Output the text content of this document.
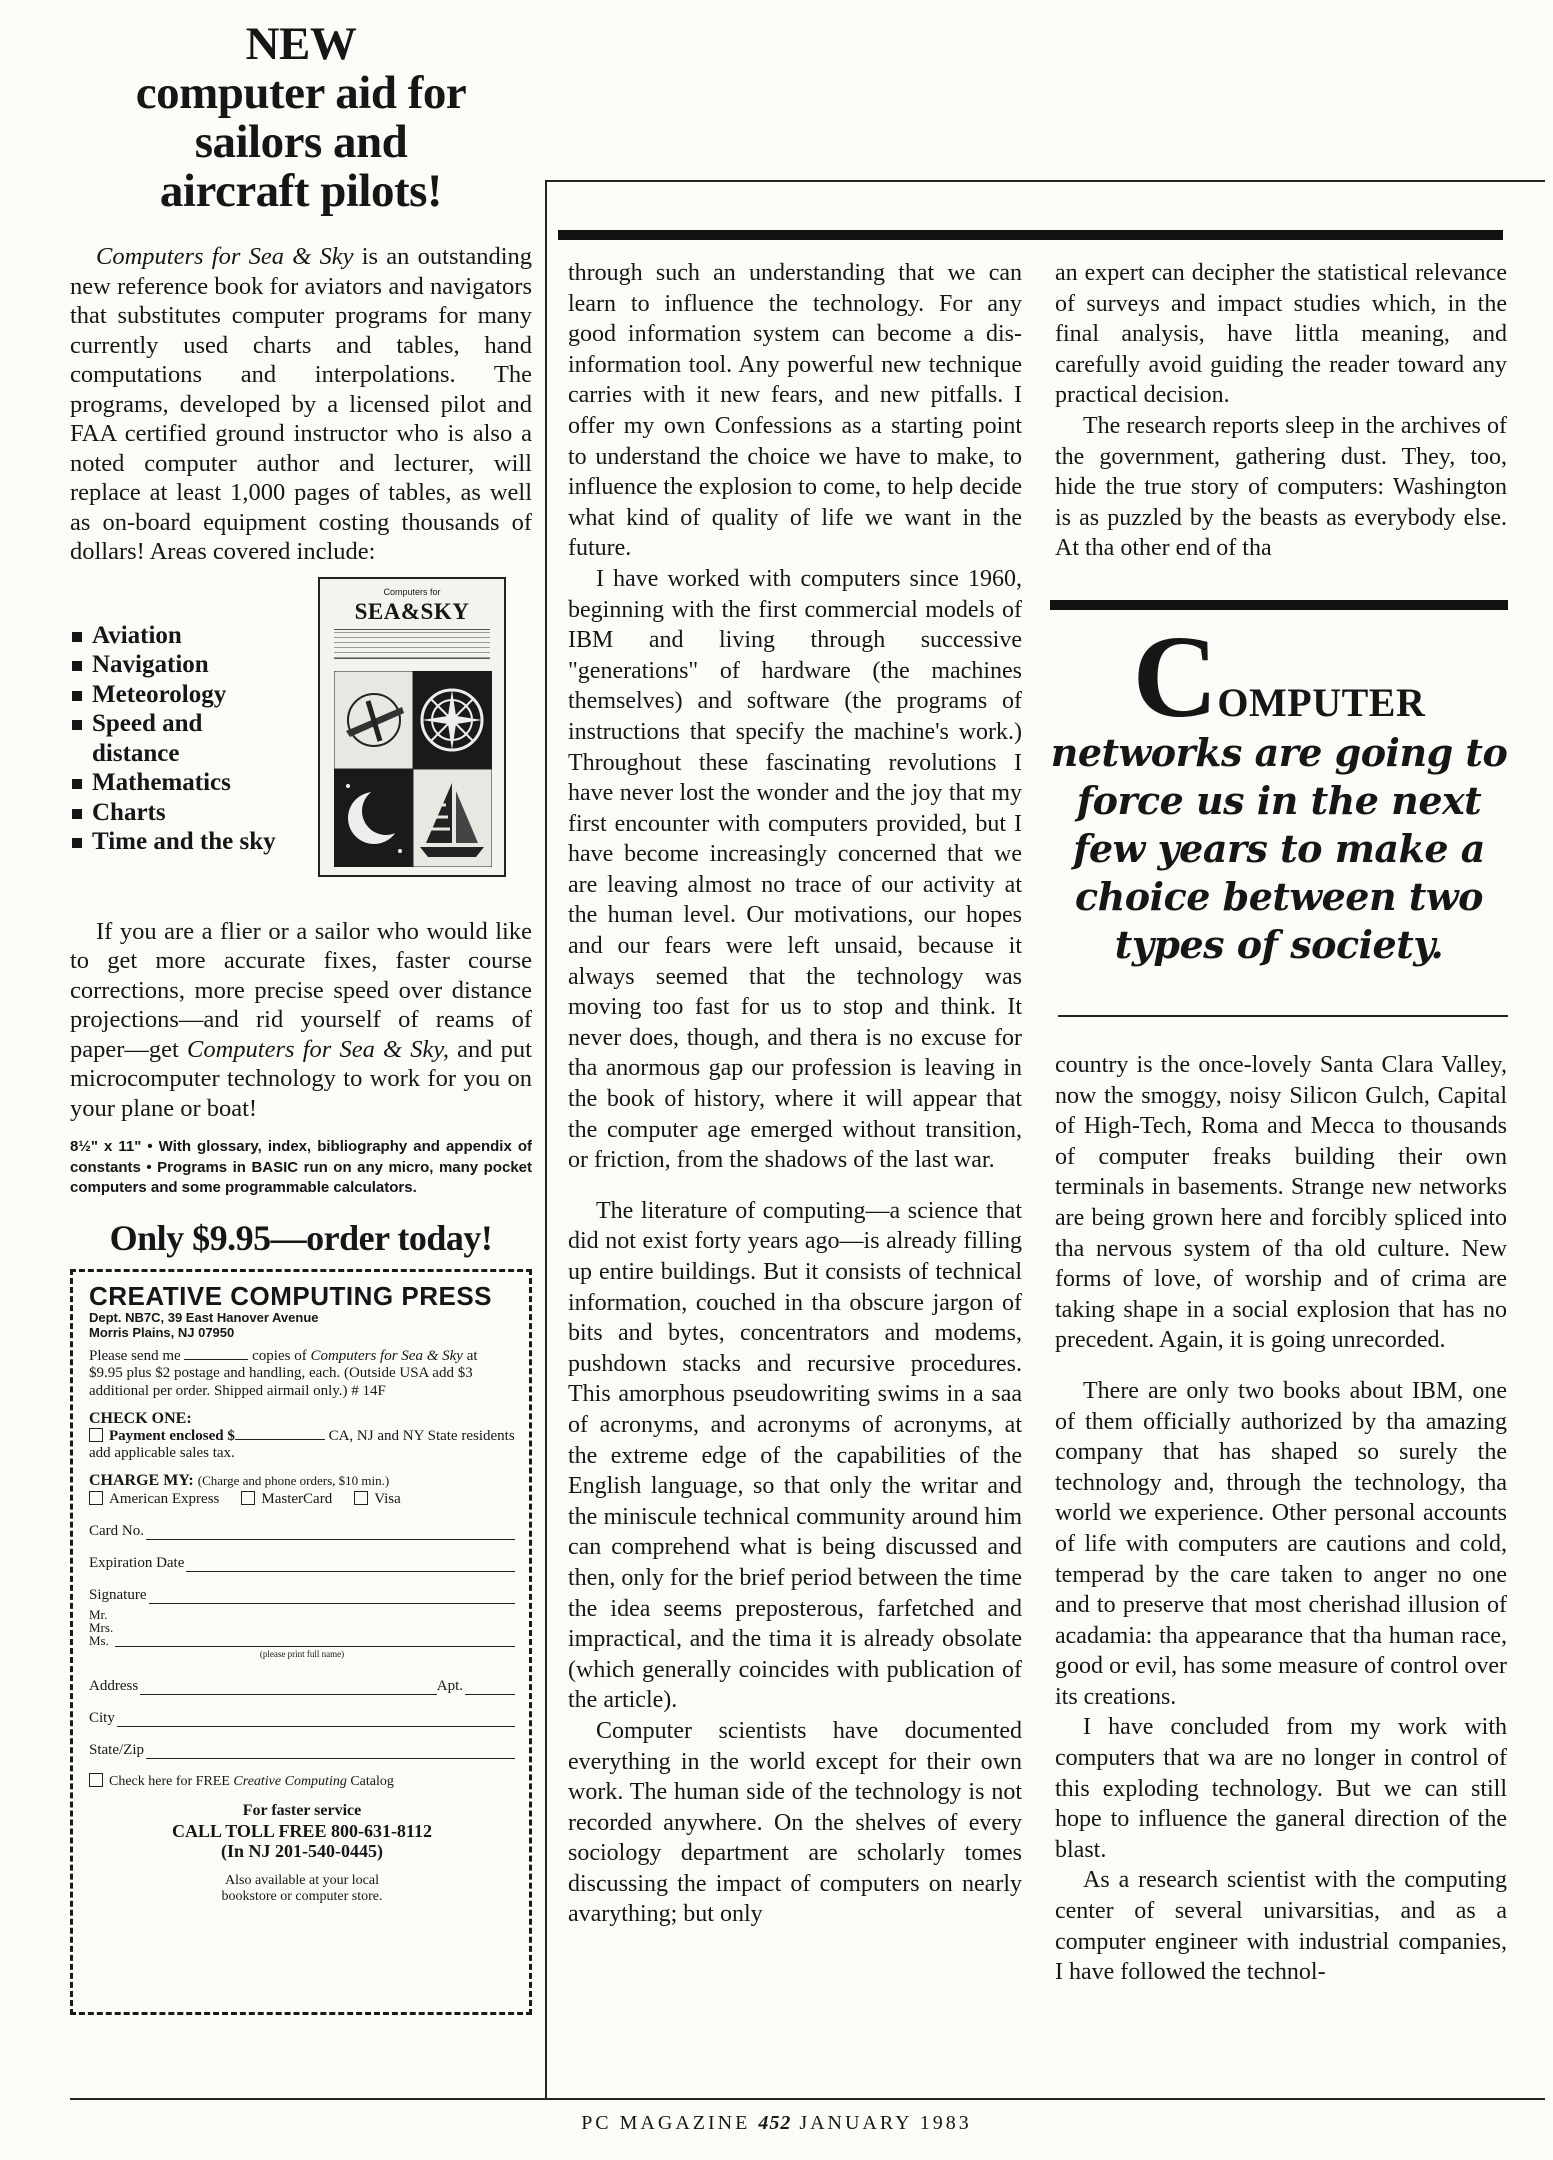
NEW
computer aid for
sailors and
aircraft pilots!

Computers for Sea & Sky is an outstanding new reference book for aviators and navigators that substitutes computer programs for many currently used charts and tables, hand computations and interpolations. The programs, developed by a licensed pilot and FAA certified ground instructor who is also a noted computer author and lecturer, will replace at least 1,000 pages of tables, as well as on-board equipment costing thousands of dollars! Areas covered include:

Aviation
Navigation
Meteorology
Speed and distance
Mathematics
Charts
Time and the sky
Computers for
SEA&SKY

If you are a flier or a sailor who would like to get more accurate fixes, faster course corrections, more precise speed over distance projections—and rid yourself of reams of paper—get Computers for Sea & Sky, and put microcomputer technology to work for you on your plane or boat!

8½" x 11" • With glossary, index, bibliography and appendix of constants • Programs in BASIC run on any micro, many pocket computers and some programmable calculators.

Only $9.95—order today!
CREATIVE COMPUTING PRESS
Dept. NB7C, 39 East Hanover Avenue
Morris Plains, NJ 07950

Please send me	copies of Computers for Sea & Sky at $9.95 plus $2 postage and handling, each. (Outside USA add $3 additional per order. Shipped airmail only.) # 14F

CHECK ONE:
Payment enclosed $	CA, NJ and NY State residents add applicable sales tax.
CHARGE MY: (Charge and phone orders, $10 min.)
American Express	MasterCard	Visa
Card No.
Expiration Date
Signature
Mr.
Mrs.
Ms.
(please print full name)
Address	Apt.
City
State/Zip
Check here for FREE Creative Computing Catalog
For faster service
CALL TOLL FREE 800-631-8112
(In NJ 201-540-0445)
Also available at your local
bookstore or computer store.

through such an understanding that we can learn to influence the technology. For any good information system can become a dis-information tool. Any powerful new technique carries with it new fears, and new pitfalls. I offer my own Confessions as a starting point to understand the choice we have to make, to influence the explosion to come, to help decide what kind of quality of life we want in the future.

I have worked with computers since 1960, beginning with the first commercial models of IBM and living through successive "generations" of hardware (the machines themselves) and software (the programs of instructions that specify the machine's work.) Throughout these fascinating revolutions I have never lost the wonder and the joy that my first encounter with computers provided, but I have become increasingly concerned that we are leaving almost no trace of our activity at the human level. Our motivations, our hopes and our fears were left unsaid, because it always seemed that the technology was moving too fast for us to stop and think. It never does, though, and thera is no excuse for tha anormous gap our profession is leaving in the book of history, where it will appear that the computer age emerged without transition, or friction, from the shadows of the last war.

The literature of computing—a science that did not exist forty years ago—is already filling up entire buildings. But it consists of technical information, couched in tha obscure jargon of bits and bytes, concentrators and modems, pushdown stacks and recursive procedures. This amorphous pseudowriting swims in a saa of acronyms, and acronyms of acronyms, at the extreme edge of the capabilities of the English language, so that only the writar and the miniscule technical community around him can comprehend what is being discussed and then, only for the brief period between the time the idea seems preposterous, farfetched and impractical, and the tima it is already obsolate (which generally coincides with publication of the article).

Computer scientists have documented everything in the world except for their own work. The human side of the technology is not recorded anywhere. On the shelves of every sociology department are scholarly tomes discussing the impact of computers on nearly avarything; but only

an expert can decipher the statistical relevance of surveys and impact studies which, in the final analysis, have littla meaning, and carefully avoid guiding the reader toward any practical decision.

The research reports sleep in the archives of the government, gathering dust. They, too, hide the true story of computers: Washington is as puzzled by the beasts as everybody else. At tha other end of tha

COMPUTER
networks are going to force us in the next few years to make a choice between two types of society.

country is the once-lovely Santa Clara Valley, now the smoggy, noisy Silicon Gulch, Capital of High-Tech, Roma and Mecca to thousands of computer freaks building their own terminals in basements. Strange new networks are being grown here and forcibly spliced into tha nervous system of tha old culture. New forms of love, of worship and of crima are taking shape in a social explosion that has no precedent. Again, it is going unrecorded.

There are only two books about IBM, one of them officially authorized by tha amazing company that has shaped so surely the technology and, through the technology, tha world we experience. Other personal accounts of life with computers are cautions and cold, temperad by the care taken to anger no one and to preserve that most cherishad illusion of acadamia: tha appearance that tha human race, good or evil, has some measure of control over its creations.

I have concluded from my work with computers that wa are no longer in control of this exploding technology. But we can still hope to influence the ganeral direction of the blast.

As a research scientist with the computing center of several univarsitias, and as a computer engineer with industrial companies, I have followed the technol-

PC MAGAZINE 452 JANUARY 1983
